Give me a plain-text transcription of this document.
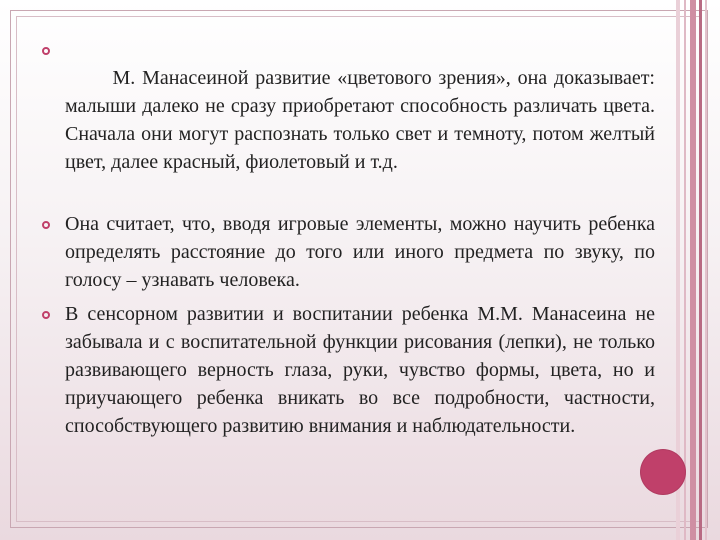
М. Манасеиной развитие «цветового зрения», она доказывает: малыши далеко не сразу приобретают способность различать цвета. Сначала они могут распознать только свет и темноту, потом желтый цвет, далее красный, фиолетовый и т.д.

Она считает, что, вводя игровые элементы, можно научить ребенка определять расстояние до того или иного предмета по звуку, по голосу – узнавать человека.

В сенсорном развитии и воспитании ребенка М.М. Манасеина не забывала и с воспитательной функции рисования (лепки), не только развивающего верность глаза, руки, чувство формы, цвета, но и приучающего ребенка вникать во все подробности, частности, способствующего развитию внимания и наблюдательности.
